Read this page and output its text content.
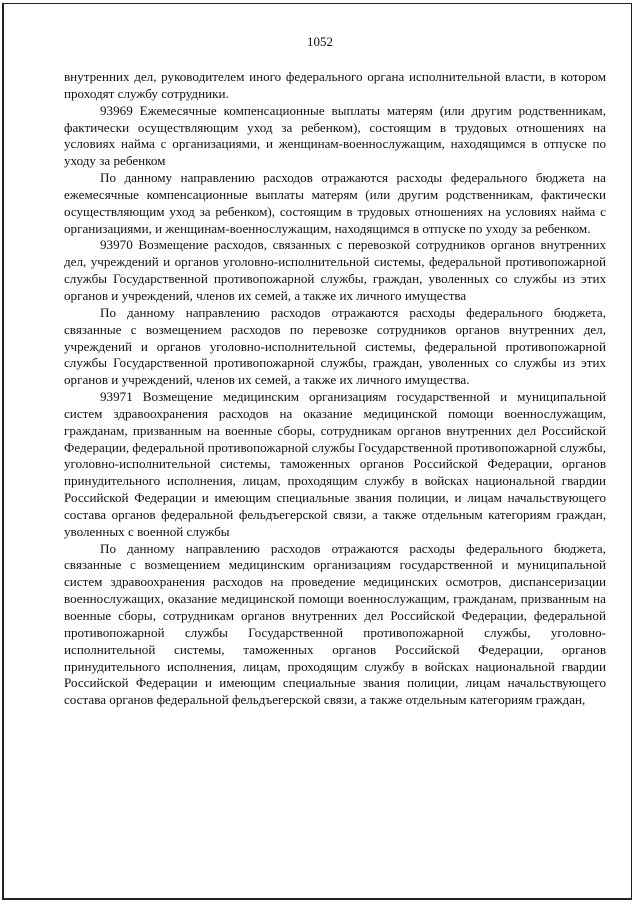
1052

внутренних дел, руководителем иного федерального органа исполнительной власти, в котором проходят службу сотрудники.

93969 Ежемесячные компенсационные выплаты матерям (или другим родственникам, фактически осуществляющим уход за ребенком), состоящим в трудовых отношениях на условиях найма с организациями, и женщинам-военнослужащим, находящимся в отпуске по уходу за ребенком

По данному направлению расходов отражаются расходы федерального бюджета на ежемесячные компенсационные выплаты матерям (или другим родственникам, фактически осуществляющим уход за ребенком), состоящим в трудовых отношениях на условиях найма с организациями, и женщинам-военнослужащим, находящимся в отпуске по уходу за ребенком.

93970 Возмещение расходов, связанных с перевозкой сотрудников органов внутренних дел, учреждений и органов уголовно-исполнительной системы, федеральной противопожарной службы Государственной противопожарной службы, граждан, уволенных со службы из этих органов и учреждений, членов их семей, а также их личного имущества

По данному направлению расходов отражаются расходы федерального бюджета, связанные с возмещением расходов по перевозке сотрудников органов внутренних дел, учреждений и органов уголовно-исполнительной системы, федеральной противопожарной службы Государственной противопожарной службы, граждан, уволенных со службы из этих органов и учреждений, членов их семей, а также их личного имущества.

93971 Возмещение медицинским организациям государственной и муниципальной систем здравоохранения расходов на оказание медицинской помощи военнослужащим, гражданам, призванным на военные сборы, сотрудникам органов внутренних дел Российской Федерации, федеральной противопожарной службы Государственной противопожарной службы, уголовно-исполнительной системы, таможенных органов Российской Федерации, органов принудительного исполнения, лицам, проходящим службу в войсках национальной гвардии Российской Федерации и имеющим специальные звания полиции, и лицам начальствующего состава органов федеральной фельдъегерской связи, а также отдельным категориям граждан, уволенных с военной службы

По данному направлению расходов отражаются расходы федерального бюджета, связанные с возмещением медицинским организациям государственной и муниципальной систем здравоохранения расходов на проведение медицинских осмотров, диспансеризации военнослужащих, оказание медицинской помощи военнослужащим, гражданам, призванным на военные сборы, сотрудникам органов внутренних дел Российской Федерации, федеральной противопожарной службы Государственной противопожарной службы, уголовно-исполнительной системы, таможенных органов Российской Федерации, органов принудительного исполнения, лицам, проходящим службу в войсках национальной гвардии Российской Федерации и имеющим специальные звания полиции, лицам начальствующего состава органов федеральной фельдъегерской связи, а также отдельным категориям граждан,
